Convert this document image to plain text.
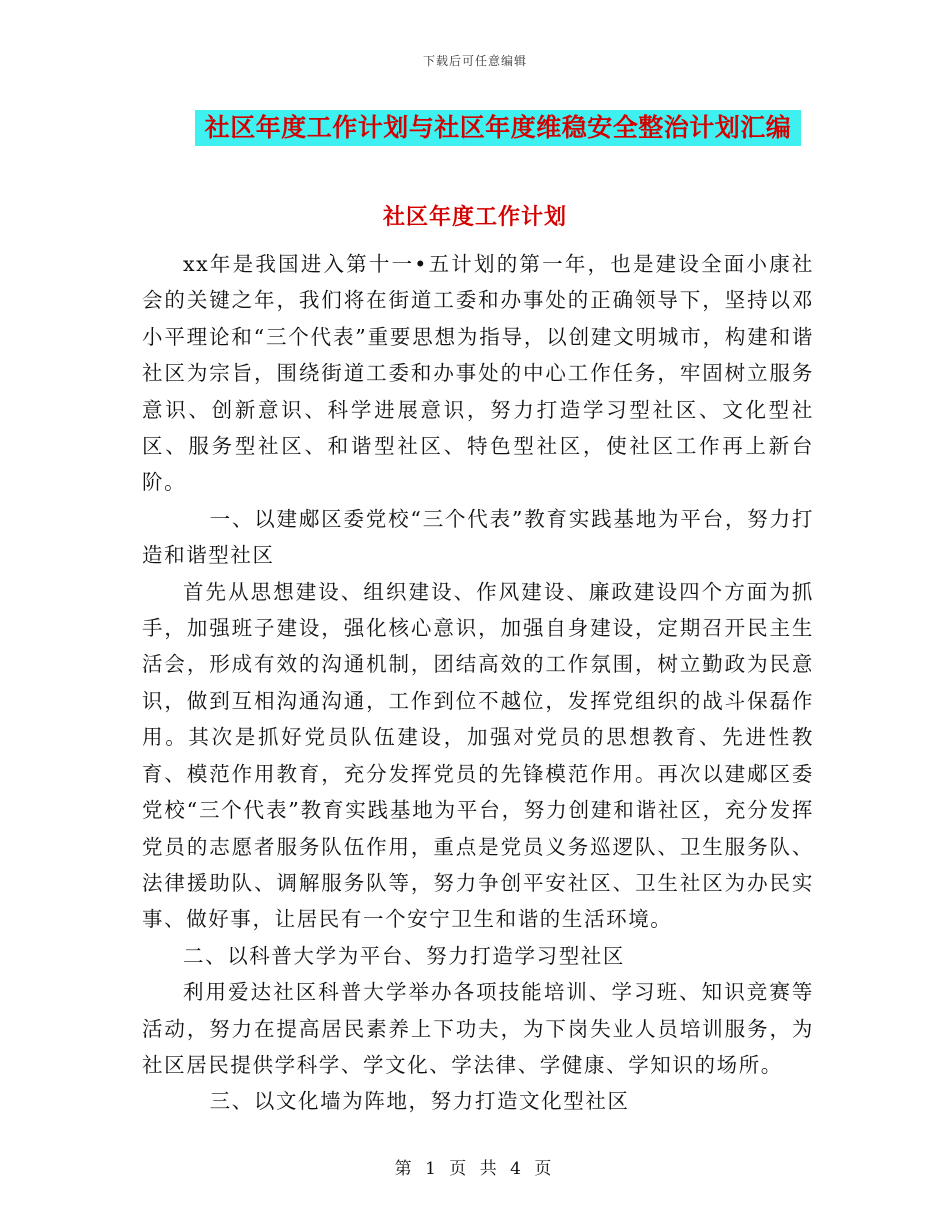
下载后可任意编辑
社区年度工作计划与社区年度维稳安全整治计划汇编
社区年度工作计划

xx年是我国进入第十一•五计划的第一年，也是建设全面小康社会的关键之年，我们将在街道工委和办事处的正确领导下，坚持以邓小平理论和“三个代表”重要思想为指导，以创建文明城市，构建和谐社区为宗旨，围绕街道工委和办事处的中心工作任务，牢固树立服务意识、创新意识、科学进展意识，努力打造学习型社区、文化型社区、服务型社区、和谐型社区、特色型社区，使社区工作再上新台阶。

一、以建郕区委党校“三个代表”教育实践基地为平台，努力打造和谐型社区

首先从思想建设、组织建设、作风建设、廉政建设四个方面为抓手，加强班子建设，强化核心意识，加强自身建设，定期召开民主生活会，形成有效的沟通机制，团结高效的工作氛围，树立勤政为民意识，做到互相沟通沟通，工作到位不越位，发挥党组织的战斗保磊作用。其次是抓好党员队伍建设，加强对党员的思想教育、先进性教育、模范作用教育，充分发挥党员的先锋模范作用。再次以建郕区委党校“三个代表”教育实践基地为平台，努力创建和谐社区，充分发挥党员的志愿者服务队伍作用，重点是党员义务巡逻队、卫生服务队、法律援助队、调解服务队等，努力争创平安社区、卫生社区为办民实事、做好事，让居民有一个安宁卫生和谐的生活环境。

二、以科普大学为平台、努力打造学习型社区

利用爱达社区科普大学举办各项技能培训、学习班、知识竞赛等活动，努力在提高居民素养上下功夫，为下岗失业人员培训服务，为社区居民提供学科学、学文化、学法律、学健康、学知识的场所。

三、以文化墙为阵地，努力打造文化型社区

第 1 页 共 4 页
